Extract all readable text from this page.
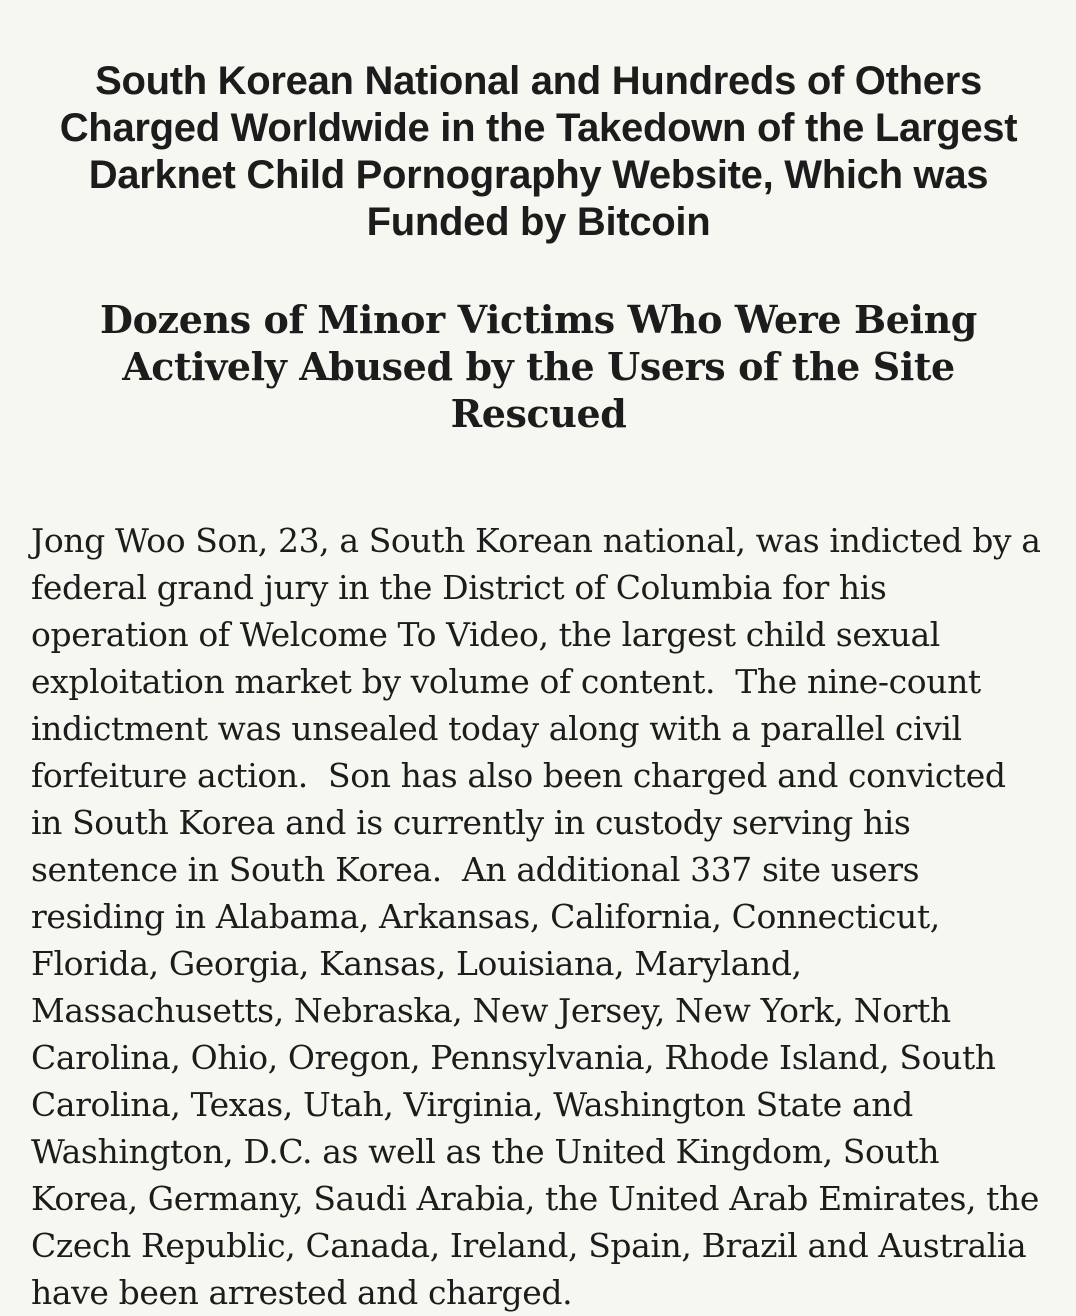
South Korean National and Hundreds of Others Charged Worldwide in the Takedown of the Largest Darknet Child Pornography Website, Which was Funded by Bitcoin
Dozens of Minor Victims Who Were Being Actively Abused by the Users of the Site Rescued

Jong Woo Son, 23, a South Korean national, was indicted by a federal grand jury in the District of Columbia for his operation of Welcome To Video, the largest child sexual exploitation market by volume of content.  The nine-count indictment was unsealed today along with a parallel civil forfeiture action.  Son has also been charged and convicted in South Korea and is currently in custody serving his sentence in South Korea.  An additional 337 site users residing in Alabama, Arkansas, California, Connecticut, Florida, Georgia, Kansas, Louisiana, Maryland, Massachusetts, Nebraska, New Jersey, New York, North Carolina, Ohio, Oregon, Pennsylvania, Rhode Island, South Carolina, Texas, Utah, Virginia, Washington State and Washington, D.C. as well as the United Kingdom, South Korea, Germany, Saudi Arabia, the United Arab Emirates, the Czech Republic, Canada, Ireland, Spain, Brazil and Australia have been arrested and charged.
